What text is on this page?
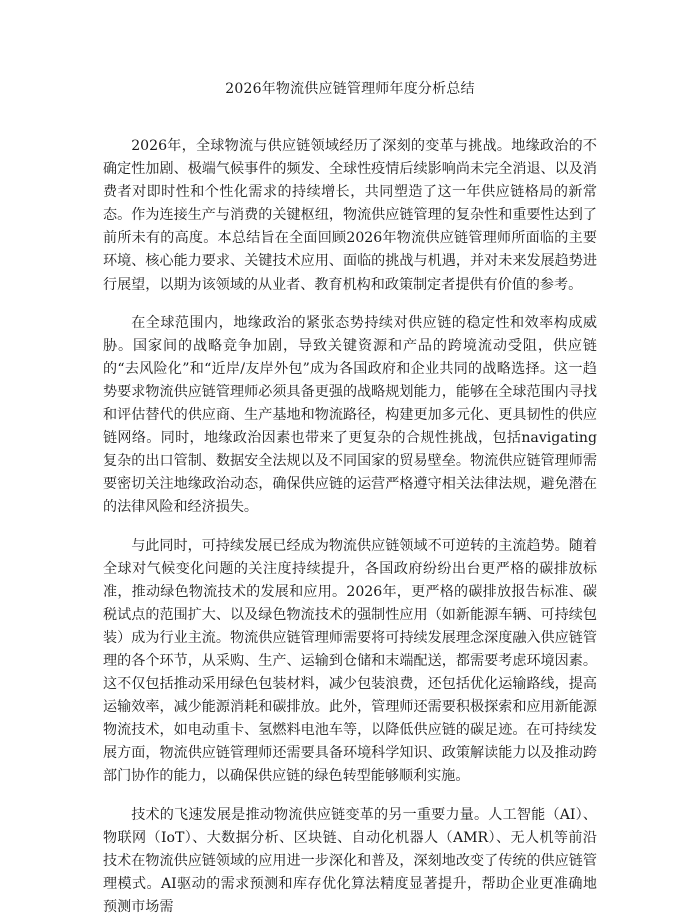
2026年物流供应链管理师年度分析总结

2026年，全球物流与供应链领域经历了深刻的变革与挑战。地缘政治的不确定性加剧、极端气候事件的频发、全球性疫情后续影响尚未完全消退、以及消费者对即时性和个性化需求的持续增长，共同塑造了这一年供应链格局的新常态。作为连接生产与消费的关键枢纽，物流供应链管理的复杂性和重要性达到了前所未有的高度。本总结旨在全面回顾2026年物流供应链管理师所面临的主要环境、核心能力要求、关键技术应用、面临的挑战与机遇，并对未来发展趋势进行展望，以期为该领域的从业者、教育机构和政策制定者提供有价值的参考。

在全球范围内，地缘政治的紧张态势持续对供应链的稳定性和效率构成威胁。国家间的战略竞争加剧，导致关键资源和产品的跨境流动受阻，供应链的“去风险化”和“近岸/友岸外包”成为各国政府和企业共同的战略选择。这一趋势要求物流供应链管理师必须具备更强的战略规划能力，能够在全球范围内寻找和评估替代的供应商、生产基地和物流路径，构建更加多元化、更具韧性的供应链网络。同时，地缘政治因素也带来了更复杂的合规性挑战，包括navigating复杂的出口管制、数据安全法规以及不同国家的贸易壁垒。物流供应链管理师需要密切关注地缘政治动态，确保供应链的运营严格遵守相关法律法规，避免潜在的法律风险和经济损失。

与此同时，可持续发展已经成为物流供应链领域不可逆转的主流趋势。随着全球对气候变化问题的关注度持续提升，各国政府纷纷出台更严格的碳排放标准，推动绿色物流技术的发展和应用。2026年，更严格的碳排放报告标准、碳税试点的范围扩大、以及绿色物流技术的强制性应用（如新能源车辆、可持续包装）成为行业主流。物流供应链管理师需要将可持续发展理念深度融入供应链管理的各个环节，从采购、生产、运输到仓储和末端配送，都需要考虑环境因素。这不仅包括推动采用绿色包装材料，减少包装浪费，还包括优化运输路线，提高运输效率，减少能源消耗和碳排放。此外，管理师还需要积极探索和应用新能源物流技术，如电动重卡、氢燃料电池车等，以降低供应链的碳足迹。在可持续发展方面，物流供应链管理师还需要具备环境科学知识、政策解读能力以及推动跨部门协作的能力，以确保供应链的绿色转型能够顺利实施。

技术的飞速发展是推动物流供应链变革的另一重要力量。人工智能（AI）、物联网（IoT）、大数据分析、区块链、自动化机器人（AMR）、无人机等前沿技术在物流供应链领域的应用进一步深化和普及，深刻地改变了传统的供应链管理模式。AI驱动的需求预测和库存优化算法精度显著提升，帮助企业更准确地预测市场需
